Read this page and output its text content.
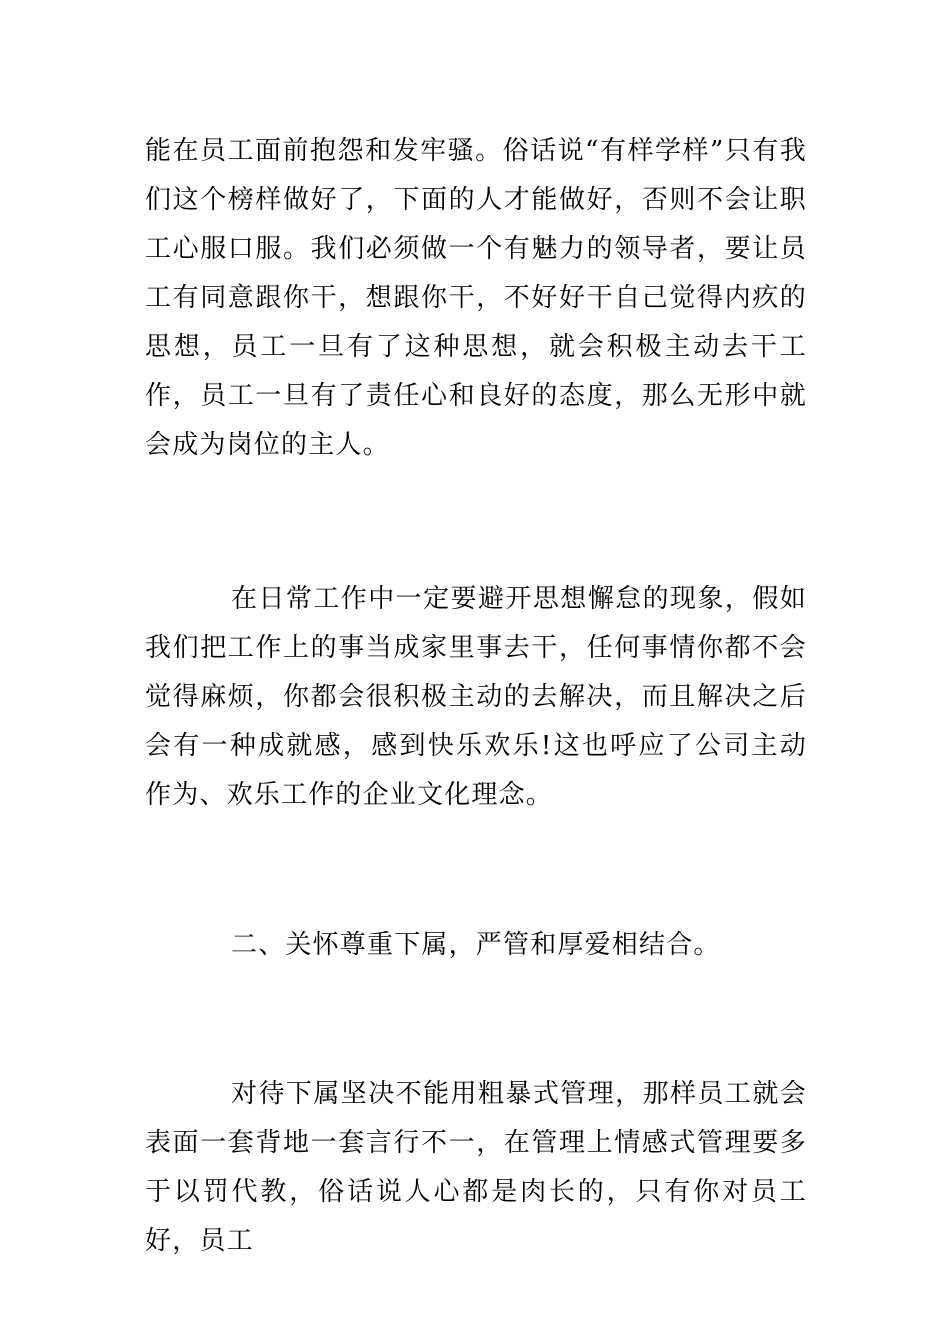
能在员工面前抱怨和发牢骚。俗话说“有样学样”只有我们这个榜样做好了，下面的人才能做好，否则不会让职工心服口服。我们必须做一个有魅力的领导者，要让员工有同意跟你干，想跟你干，不好好干自己觉得内疚的思想，员工一旦有了这种思想，就会积极主动去干工作，员工一旦有了责任心和良好的态度，那么无形中就会成为岗位的主人。

在日常工作中一定要避开思想懈怠的现象，假如我们把工作上的事当成家里事去干，任何事情你都不会觉得麻烦，你都会很积极主动的去解决，而且解决之后会有一种成就感，感到快乐欢乐!这也呼应了公司主动作为、欢乐工作的企业文化理念。

二、关怀尊重下属，严管和厚爱相结合。

对待下属坚决不能用粗暴式管理，那样员工就会表面一套背地一套言行不一，在管理上情感式管理要多于以罚代教，俗话说人心都是肉长的，只有你对员工好，员工
